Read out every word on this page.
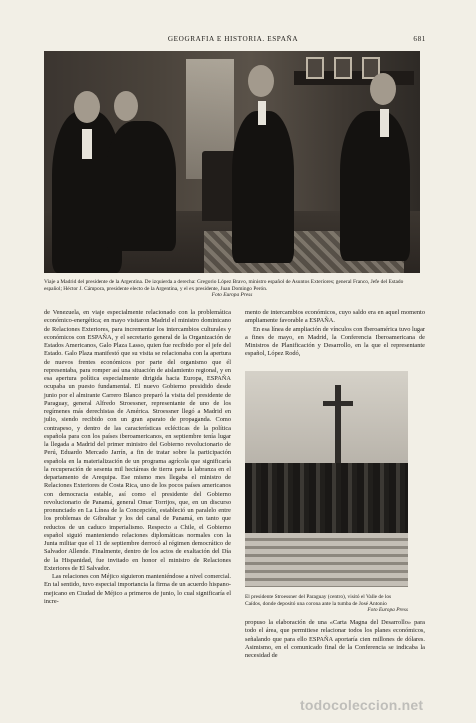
GEOGRAFIA E HISTORIA. ESPAÑA	681

Viaje a Madrid del presidente de la Argentina. De izquierda a derecha: Gregorio López Bravo, ministro español de Asuntos Exteriores; general Franco, Jefe del Estado español; Héctor J. Cámpora, presidente electo de la Argentina, y el ex presidente, Juan Domingo Perón.

Foto Europa Press

de Venezuela, en viaje especialmente relacionado con la problemática económico-energética; en mayo visitaron Madrid el ministro dominicano de Relaciones Exteriores, para incrementar los intercambios culturales y económicos con ESPAÑA, y el secretario general de la Organización de Estados Americanos, Galo Plaza Lasso, quien fue recibido por el jefe del Estado. Galo Plaza manifestó que su visita se relacionaba con la apertura de nuevos frentes económicos por parte del organismo que él representaba, para romper así una situación de aislamiento regional, y en esa apertura política especialmente dirigida hacia Europa, ESPAÑA ocupaba un puesto fundamental. El nuevo Gobierno presidido desde junio por el almirante Carrero Blanco preparó la visita del presidente de Paraguay, general Alfredo Stroessner, representante de uno de los regímenes más derechistas de América. Stroessner llegó a Madrid en julio, siendo recibido con un gran aparato de propaganda. Como contrapeso, y dentro de las características eclécticas de la política española para con los países iberoamericanos, en septiembre tenía lugar la llegada a Madrid del primer ministro del Gobierno revolucionario de Perú, Eduardo Mercado Jarrín, a fin de tratar sobre la participación española en la materialización de un programa agrícola que significaría la recuperación de sesenta mil hectáreas de tierra para la labranza en el departamento de Arequipa. Ese mismo mes llegaba el ministro de Relaciones Exteriores de Costa Rica, uno de los pocos países americanos con democracia estable, así como el presidente del Gobierno revolucionario de Panamá, general Omar Torrijos, que, en un discurso pronunciado en La Línea de la Concepción, estableció un paralelo entre los problemas de Gibraltar y los del canal de Panamá, en tanto que reductos de un caduco imperialismo. Respecto a Chile, el Gobierno español siguió manteniendo relaciones diplomáticas normales con la Junta militar que el 11 de septiembre derrocó al régimen democrático de Salvador Allende. Finalmente, dentro de los actos de exaltación del Día de la Hispanidad, fue invitado en honor el ministro de Relaciones Exteriores de El Salvador.

Las relaciones con Méjico siguieron manteniéndose a nivel comercial. En tal sentido, tuvo especial importancia la firma de un acuerdo hispano-mejicano en Ciudad de Méjico a primeros de junio, lo cual significaría el incre-

mento de intercambios económicos, cuyo saldo era en aquel momento ampliamente favorable a ESPAÑA.

En esa línea de ampliación de vínculos con Iberoamérica tuvo lugar a fines de mayo, en Madrid, la Conferencia Iberoamericana de Ministros de Planificación y Desarrollo, en la que el representante español, López Rodó,

El presidente Stroessner del Paraguay (centro), visitó el Valle de los Caídos, donde depositó una corona ante la tumba de José Antonio
Foto Europa Press

propuso la elaboración de una «Carta Magna del Desarrollo» para todo el área, que permitiese relacionar todos los planes económicos, señalando que para ello ESPAÑA aportaría cien millones de dólares. Asimismo, en el comunicado final de la Conferencia se indicaba la necesidad de

todocoleccion.net
